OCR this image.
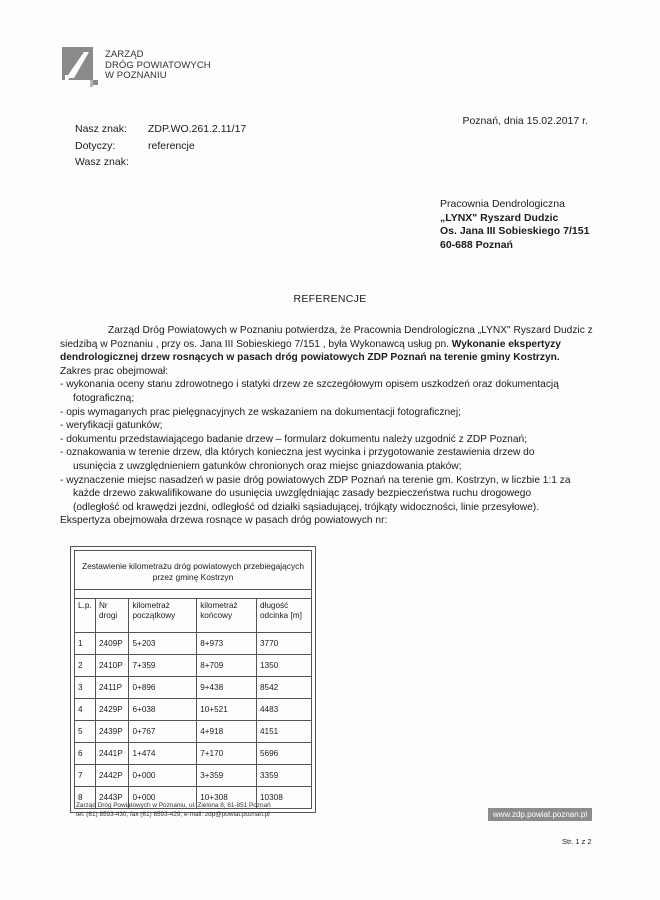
ZARZĄD
DRÓG POWIATOWYCH
W POZNANIU
Poznań, dnia 15.02.2017 r.
Nasz znak: ZDP.WO.261.2.11/17
Dotyczy:	referencje
Wasz znak:
Pracownia Dendrologiczna
„LYNX" Ryszard Dudzic
Os. Jana III Sobieskiego 7/151
60-688 Poznań
REFERENCJE

Zarząd Dróg Powiatowych w Poznaniu potwierdza, że Pracownia Dendrologiczna „LYNX" Ryszard Dudzic z siedzibą w Poznaniu , przy os. Jana III Sobieskiego 7/151 , była Wykonawcą usług pn. Wykonanie ekspertyzy dendrologicznej drzew rosnących w pasach dróg powiatowych ZDP Poznań na terenie gminy Kostrzyn.

Zakres prac obejmował:

- wykonania oceny stanu zdrowotnego i statyki drzew ze szczegółowym opisem uszkodzeń oraz dokumentacją
fotograficzną;

- opis wymaganych prac pielęgnacyjnych ze wskazaniem na dokumentacji fotograficznej;

- weryfikacji gatunków;

- dokumentu przedstawiającego badanie drzew – formularz dokumentu należy uzgodnić z ZDP Poznań;

- oznakowania w terenie drzew, dla których konieczna jest wycinka i przygotowanie zestawienia drzew do
usunięcia z uwzględnieniem gatunków chronionych oraz miejsc gniazdowania ptaków;

- wyznaczenie miejsc nasadzeń w pasie dróg powiatowych ZDP Poznań na terenie gm. Kostrzyn, w liczbie 1:1 za
każde drzewo zakwalifikowane do usunięcia uwzględniając zasady bezpieczeństwa ruchu drogowego
(odległość od krawędzi jezdni, odległość od działki sąsiadującej, trójkąty widoczności, linie przesyłowe).

Ekspertyza obejmowała drzewa rosnące w pasach dróg powiatowych nr:

Zestawienie kilometrażu dróg powiatowych przebiegających przez gminę Kostrzyn				

L.p.	Nr drogi	kilometraż początkowy	kilometraż końcowy	długość odcinka [m]
1	2409P	5+203	8+973	3770
2	2410P	7+359	8+709	1350
3	2411P	0+896	9+438	8542
4	2429P	6+038	10+521	4483
5	2439P	0+767	4+918	4151
6	2441P	1+474	7+170	5696
7	2442P	0+000	3+359	3359
8	2443P	0+000	10+308	10308
Zarząd Dróg Powiatowych w Poznaniu, ul. Zielona 8, 61-851 Poznań
tel. (61) 8593-430, fax (61) 8593-429, e-mail: zdp@powiat.poznan.pl	www.zdp.powiat.poznan.pl
Str. 1 z 2
